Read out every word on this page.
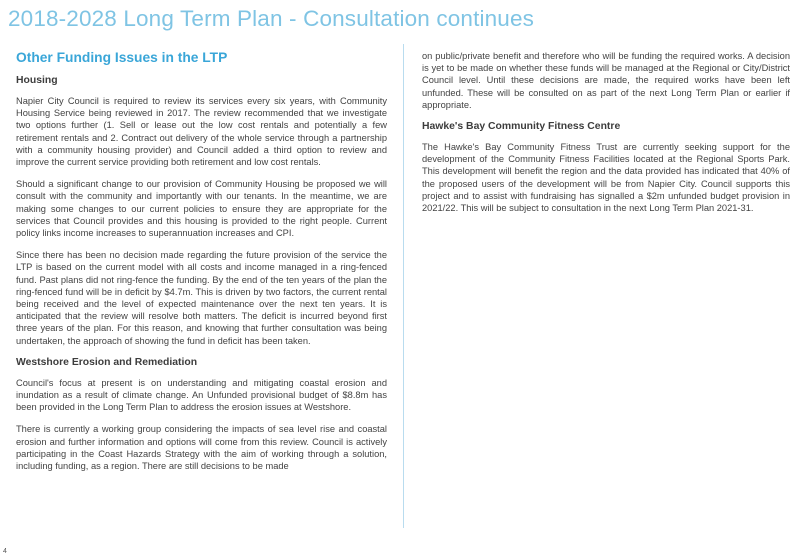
2018-2028 Long Term Plan - Consultation continues
Other Funding Issues in the LTP
Housing

Napier City Council is required to review its services every six years, with Community Housing Service being reviewed in 2017. The review recommended that we investigate two options further (1. Sell or lease out the low cost rentals and potentially a few retirement rentals and 2. Contract out delivery of the whole service through a partnership with a community housing provider) and Council added a third option to review and improve the current service providing both retirement and low cost rentals.

Should a significant change to our provision of Community Housing be proposed we will consult with the community and importantly with our tenants. In the meantime, we are making some changes to our current policies to ensure they are appropriate for the services that Council provides and this housing is provided to the right people. Current policy links income increases to superannuation increases and CPI.

Since there has been no decision made regarding the future provision of the service the LTP is based on the current model with all costs and income managed in a ring-fenced fund. Past plans did not ring-fence the funding. By the end of the ten years of the plan the ring-fenced fund will be in deficit by $4.7m. This is driven by two factors, the current rental being received and the level of expected maintenance over the next ten years. It is anticipated that the review will resolve both matters. The deficit is incurred beyond first three years of the plan. For this reason, and knowing that further consultation was being undertaken, the approach of showing the fund in deficit has been taken.

Westshore Erosion and Remediation

Council's focus at present is on understanding and mitigating coastal erosion and inundation as a result of climate change. An Unfunded provisional budget of $8.8m has been provided in the Long Term Plan to address the erosion issues at Westshore.

There is currently a working group considering the impacts of sea level rise and coastal erosion and further information and options will come from this review. Council is actively participating in the Coast Hazards Strategy with the aim of working through a solution, including funding, as a region. There are still decisions to be made

on public/private benefit and therefore who will be funding the required works. A decision is yet to be made on whether these funds will be managed at the Regional or City/District Council level. Until these decisions are made, the required works have been left unfunded. These will be consulted on as part of the next Long Term Plan or earlier if appropriate.

Hawke's Bay Community Fitness Centre

The Hawke's Bay Community Fitness Trust are currently seeking support for the development of the Community Fitness Facilities located at the Regional Sports Park. This development will benefit the region and the data provided has indicated that 40% of the proposed users of the development will be from Napier City. Council supports this project and to assist with fundraising has signalled a $2m unfunded budget provision in 2021/22. This will be subject to consultation in the next Long Term Plan 2021-31.

4
